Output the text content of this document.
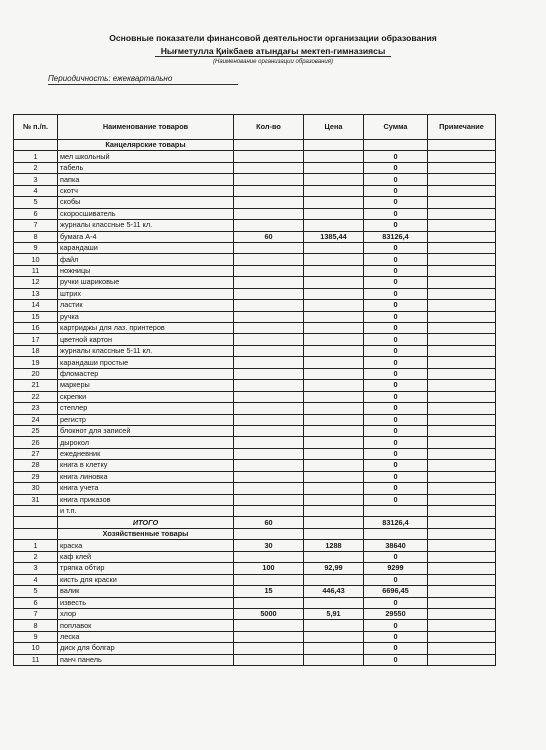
Основные показатели финансовой деятельности организации образования
Нығметулла Қиікбаев атындағы мектеп-гимназиясы
(Наименование организации образования)
Периодичность: ежеквартально
№ п./п.	Наименование товаров	Кол-во	Цена	Сумма	Примечание
	Канцелярские товары				
1	мел школьный			0	
2	табель			0	
3	папка			0	
4	скотч			0	
5	скобы			0	
6	скоросшиватель			0	
7	журналы классные 5-11 кл.			0	
8	бумага А-4	60	1385,44	83126,4	
9	карандаши			0	
10	файл			0	
11	ножницы			0	
12	ручки шариковые			0	
13	штрих			0	
14	ластик			0	
15	ручка			0	
16	картриджы для лаз. принтеров			0	
17	цветной картон			0	
18	журналы классные 5-11 кл.			0	
19	карандаши простые			0	
20	фломастер			0	
21	маркеры			0	
22	скрепки			0	
23	степлер			0	
24	регистр			0	
25	блокнот для записей			0	
26	дырокол			0	
27	ежедневник			0	
28	книга в клетку			0	
29	книга линовка			0	
30	книга учета			0	
31	книга приказов			0	
	и т.п.				
	ИТОГО	60		83126,4	
	Хозяйственные товары				
1	краска	30	1288	38640	
2	каф клей			0	
3	тряпка обтир	100	92,99	9299	
4	кисть для краски			0	
5	валик	15	446,43	6696,45	
6	известь			0	
7	хлор	5000	5,91	29550	
8	поплавок			0	
9	леска			0	
10	диск для болгар			0	
11	панч панель			0	
